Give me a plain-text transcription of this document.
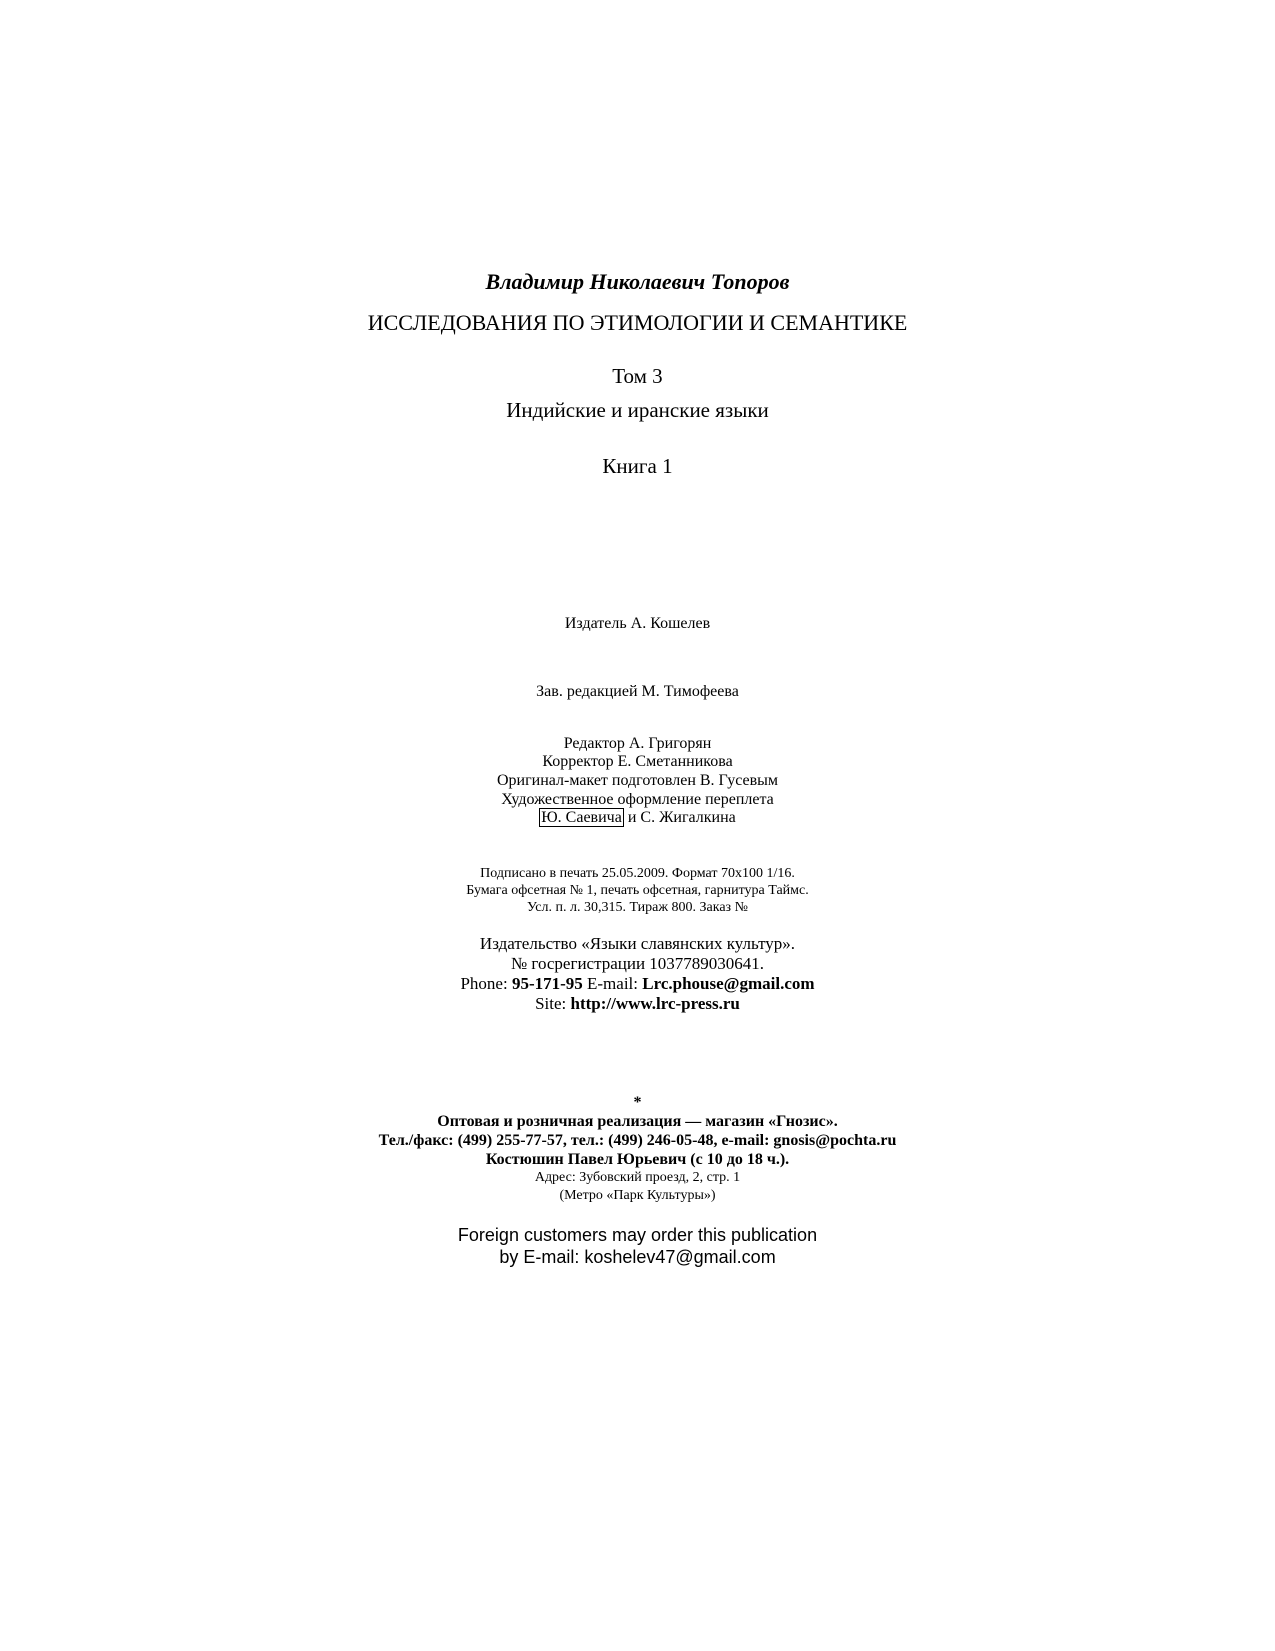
Владимир Николаевич Топоров
ИССЛЕДОВАНИЯ ПО ЭТИМОЛОГИИ И СЕМАНТИКЕ
Том 3
Индийские и иранские языки
Книга 1
Издатель А. Кошелев
Зав. редакцией М. Тимофеева
Редактор А. Григорян
Корректор Е. Сметанникова
Оригинал-макет подготовлен В. Гусевым
Художественное оформление переплета
Ю. Саевича и С. Жигалкина
Подписано в печать 25.05.2009. Формат 70x100 1/16.
Бумага офсетная № 1, печать офсетная, гарнитура Таймс.
Усл. п. л. 30,315. Тираж 800. Заказ №
Издательство «Языки славянских культур».
№ госрегистрации 1037789030641.
Phone: 95-171-95 E-mail: Lrc.phouse@gmail.com
Site: http://www.lrc-press.ru
*
Оптовая и розничная реализация — магазин «Гнозис».
Тел./факс: (499) 255-77-57, тел.: (499) 246-05-48, e-mail: gnosis@pochta.ru
Костюшин Павел Юрьевич (с 10 до 18 ч.).
Адрес: Зубовский проезд, 2, стр. 1
(Метро «Парк Культуры»)
Foreign customers may order this publication
by E-mail: koshelev47@gmail.com
